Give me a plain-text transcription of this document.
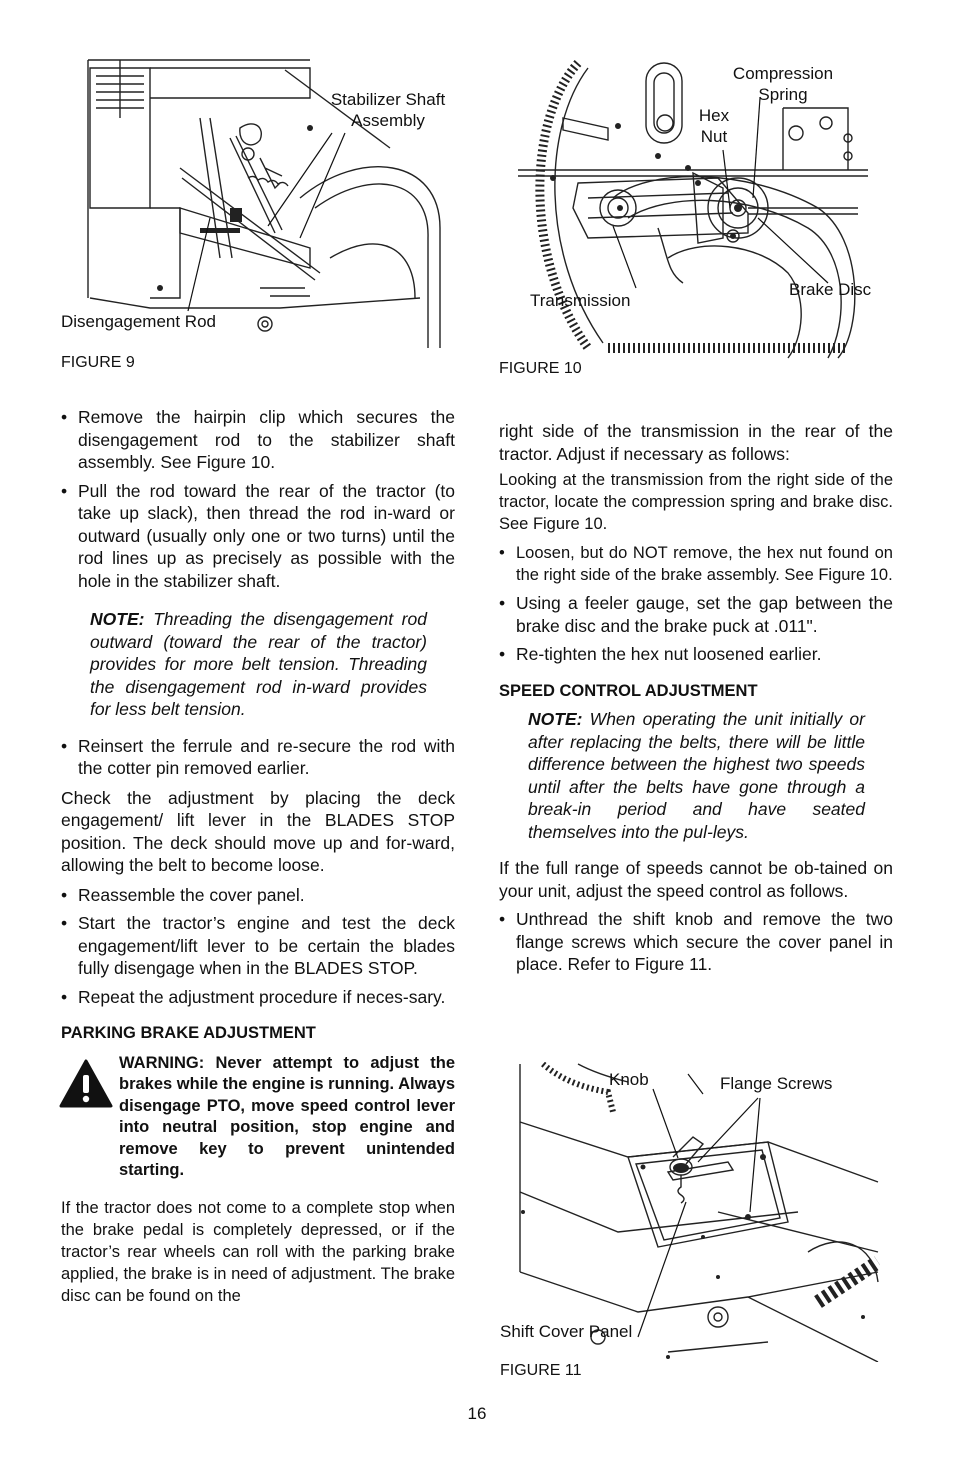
Stabilizer Shaft
Assembly
Disengagement Rod
FIGURE 9
Compression
Spring
Hex
Nut
Transmission
Brake Disc
FIGURE 10

• Remove the hairpin clip which secures the disengagement rod to the stabilizer shaft assembly. See Figure 10.

• Pull the rod toward the rear of the tractor (to take up slack), then thread the rod in-ward or outward (usually only one or two turns) until the rod lines up as precisely as possible with the hole in the stabilizer shaft.

NOTE: Threading the disengagement rod outward (toward the rear of the tractor) provides for more belt tension. Threading the disengagement rod in-ward provides for less belt tension.

• Reinsert the ferrule and re-secure the rod with the cotter pin removed earlier.

Check the adjustment by placing the deck engagement/ lift lever in the BLADES STOP position. The deck should move up and for-ward, allowing the belt to become loose.

• Reassemble the cover panel.

• Start the tractor’s engine and test the deck engagement/lift lever to be certain the blades fully disengage when in the BLADES STOP.

• Repeat the adjustment procedure if neces-sary.

PARKING BRAKE ADJUSTMENT

WARNING: Never attempt to adjust the brakes while the engine is running. Always disengage PTO, move speed control lever into neutral position, stop engine and remove key to prevent unintended starting.

If the tractor does not come to a complete stop when the brake pedal is completely depressed, or if the tractor’s rear wheels can roll with the parking brake applied, the brake is in need of adjustment. The brake disc can be found on the

right side of the transmission in the rear of the tractor. Adjust if necessary as follows:

Looking at the transmission from the right side of the tractor, locate the compression spring and brake disc. See Figure 10.

• Loosen, but do NOT remove, the hex nut found on the right side of the brake assembly. See Figure 10.

• Using a feeler gauge, set the gap between the brake disc and the brake puck at .011".

• Re-tighten the hex nut loosened earlier.

SPEED CONTROL ADJUSTMENT

NOTE: When operating the unit initially or after replacing the belts, there will be little difference between the highest two speeds until after the belts have gone through a break-in period and have seated themselves into the pul-leys.

If the full range of speeds cannot be ob-tained on your unit, adjust the speed control as follows.

• Unthread the shift knob and remove the two flange screws which secure the cover panel in place. Refer to Figure 11.

Knob	Flange Screws
Shift Cover Panel
FIGURE 11
16
